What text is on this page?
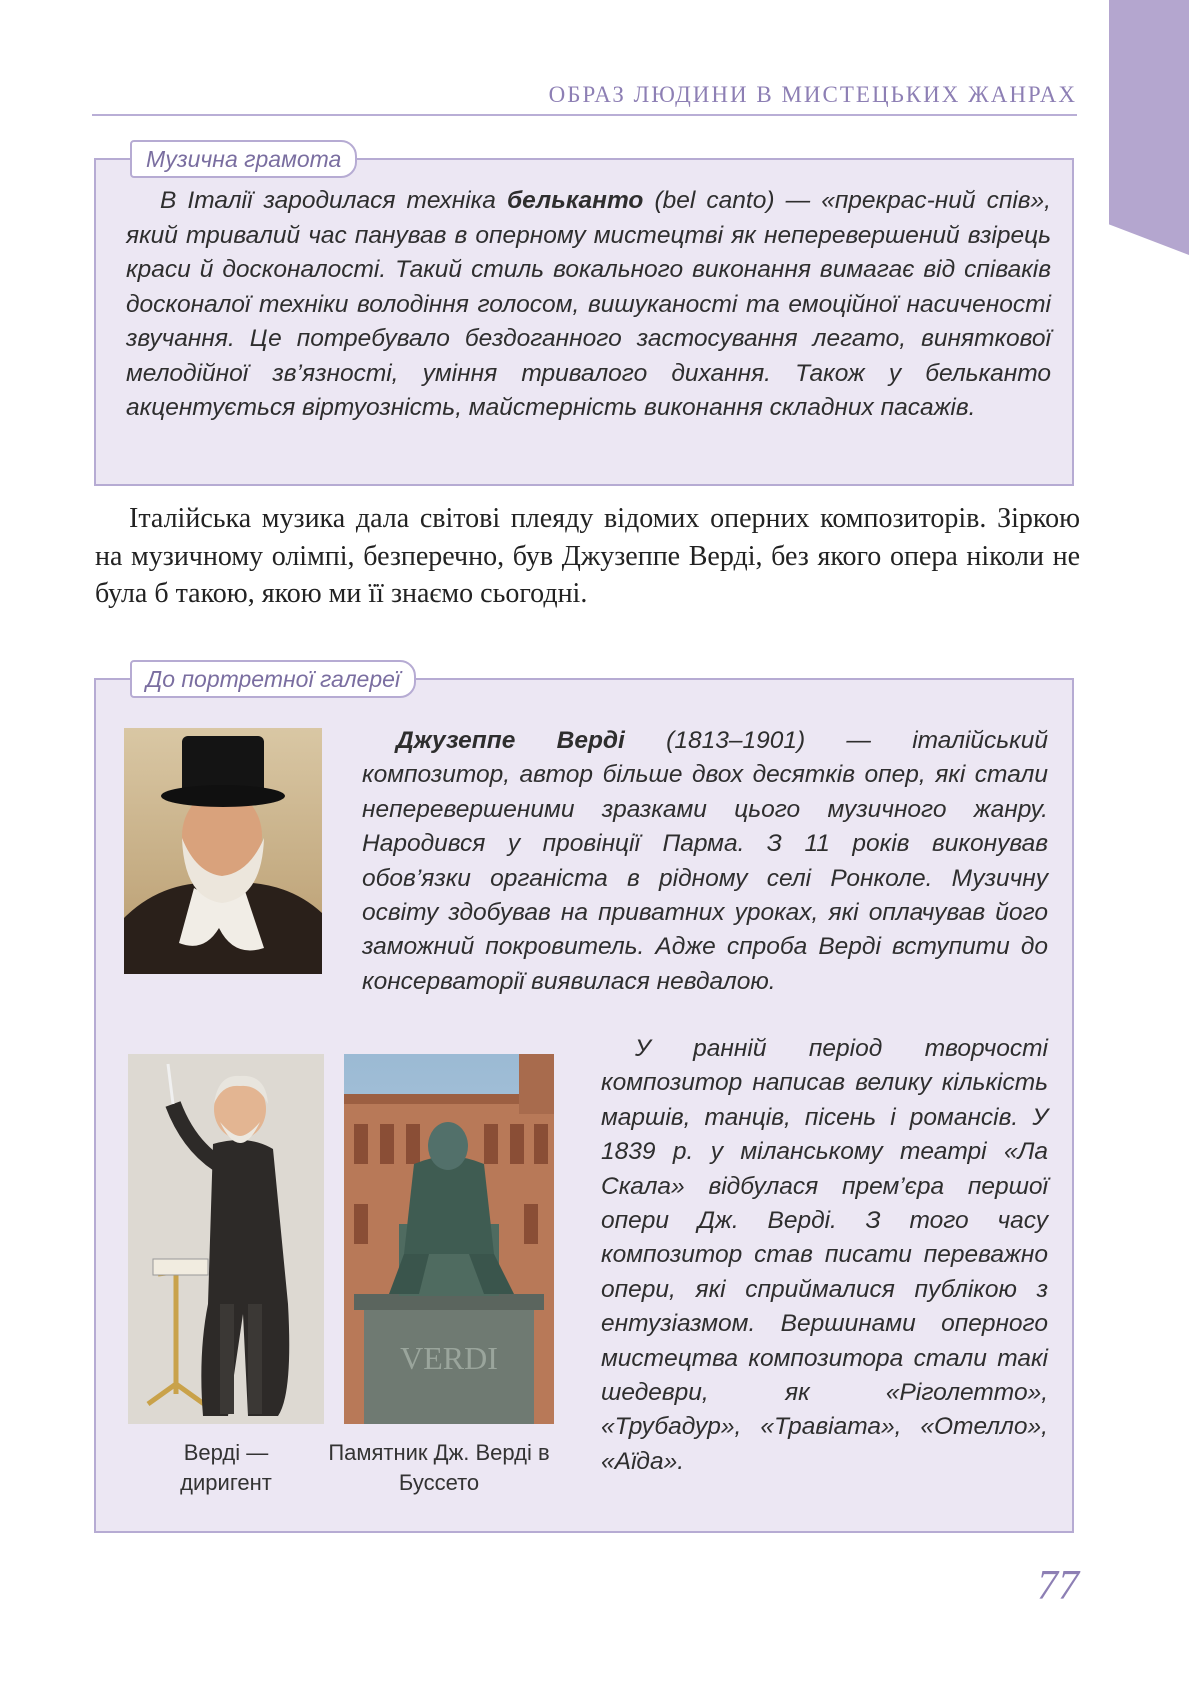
ОБРАЗ ЛЮДИНИ В МИСТЕЦЬКИХ ЖАНРАХ
Музична грамота
В Італії зародилася техніка бельканто (bel canto) — «прекрас-ний спів», який тривалий час панував в оперному мистецтві як неперевершений взірець краси й досконалості. Такий стиль вокального виконання вимагає від співаків досконалої техніки володіння голосом, вишуканості та емоційної насиченості звучання. Це потребувало бездоганного застосування легато, виняткової мелодійної зв’язності, уміння тривалого дихання. Також у бельканто акцентується віртуозність, майстерність виконання складних пасажів.
Італійська музика дала світові плеяду відомих оперних композиторів. Зіркою на музичному олімпі, безперечно, був Джузеппе Верді, без якого опера ніколи не була б такою, якою ми її знаємо сьогодні.
До портретної галереї
VERDI
Верді — диригент
Памятник Дж. Верді в Буссето
Джузеппе Верді (1813–1901) — італійський композитор, автор більше двох десятків опер, які стали неперевершеними зразками цього музичного жанру. Народився у провінції Парма. З 11 років виконував обов’язки органіста в рідному селі Ронколе. Музичну освіту здобував на приватних уроках, які оплачував його заможний покровитель. Адже спроба Верді вступити до консерваторії виявилася невдалою.
У ранній період творчості композитор написав велику кількість маршів, танців, пісень і романсів. У 1839 р. у міланському театрі «Ла Скала» відбулася прем’єра першої опери Дж. Верді. З того часу композитор став писати переважно опери, які сприймалися публікою з ентузіазмом. Вершинами оперного мистецтва композитора стали такі шедеври, як «Ріголетто», «Трубадур», «Травіата», «Отелло», «Аїда».
77
